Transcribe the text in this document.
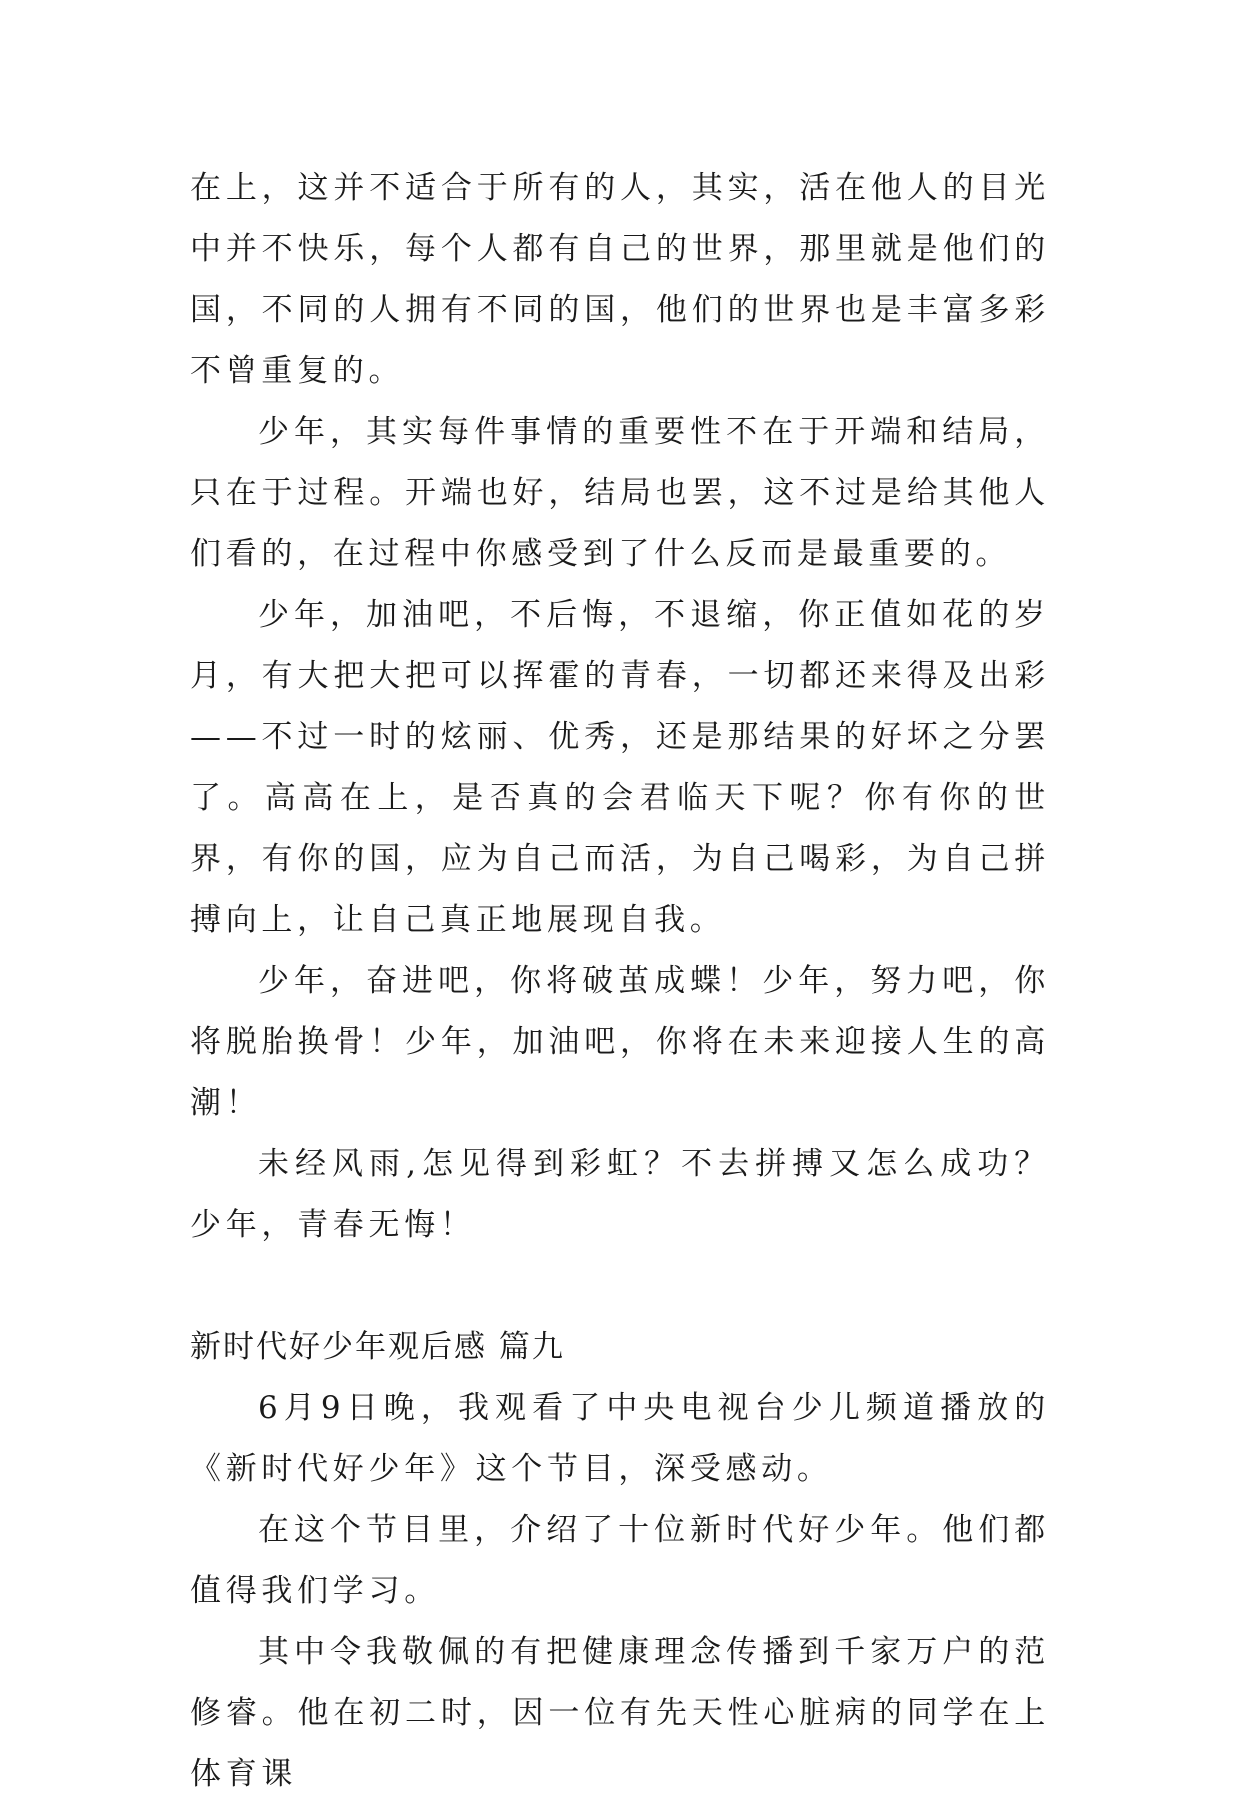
在上，这并不适合于所有的人，其实，活在他人的目光中并不快乐，每个人都有自己的世界，那里就是他们的国，不同的人拥有不同的国，他们的世界也是丰富多彩不曾重复的。

少年，其实每件事情的重要性不在于开端和结局，只在于过程。开端也好，结局也罢，这不过是给其他人们看的，在过程中你感受到了什么反而是最重要的。

少年，加油吧，不后悔，不退缩，你正值如花的岁月，有大把大把可以挥霍的青春，一切都还来得及出彩——不过一时的炫丽、优秀，还是那结果的好坏之分罢了。高高在上，是否真的会君临天下呢？你有你的世界，有你的国，应为自己而活，为自己喝彩，为自己拼搏向上，让自己真正地展现自我。

少年，奋进吧，你将破茧成蝶！少年，努力吧，你将脱胎换骨！少年，加油吧，你将在未来迎接人生的高潮！

未经风雨,怎见得到彩虹？不去拼搏又怎么成功？少年，青春无悔！

新时代好少年观后感 篇九

6月9日晚，我观看了中央电视台少儿频道播放的《新时代好少年》这个节目，深受感动。

在这个节目里，介绍了十位新时代好少年。他们都值得我们学习。

其中令我敬佩的有把健康理念传播到千家万户的范修睿。他在初二时，因一位有先天性心脏病的同学在上体育课
